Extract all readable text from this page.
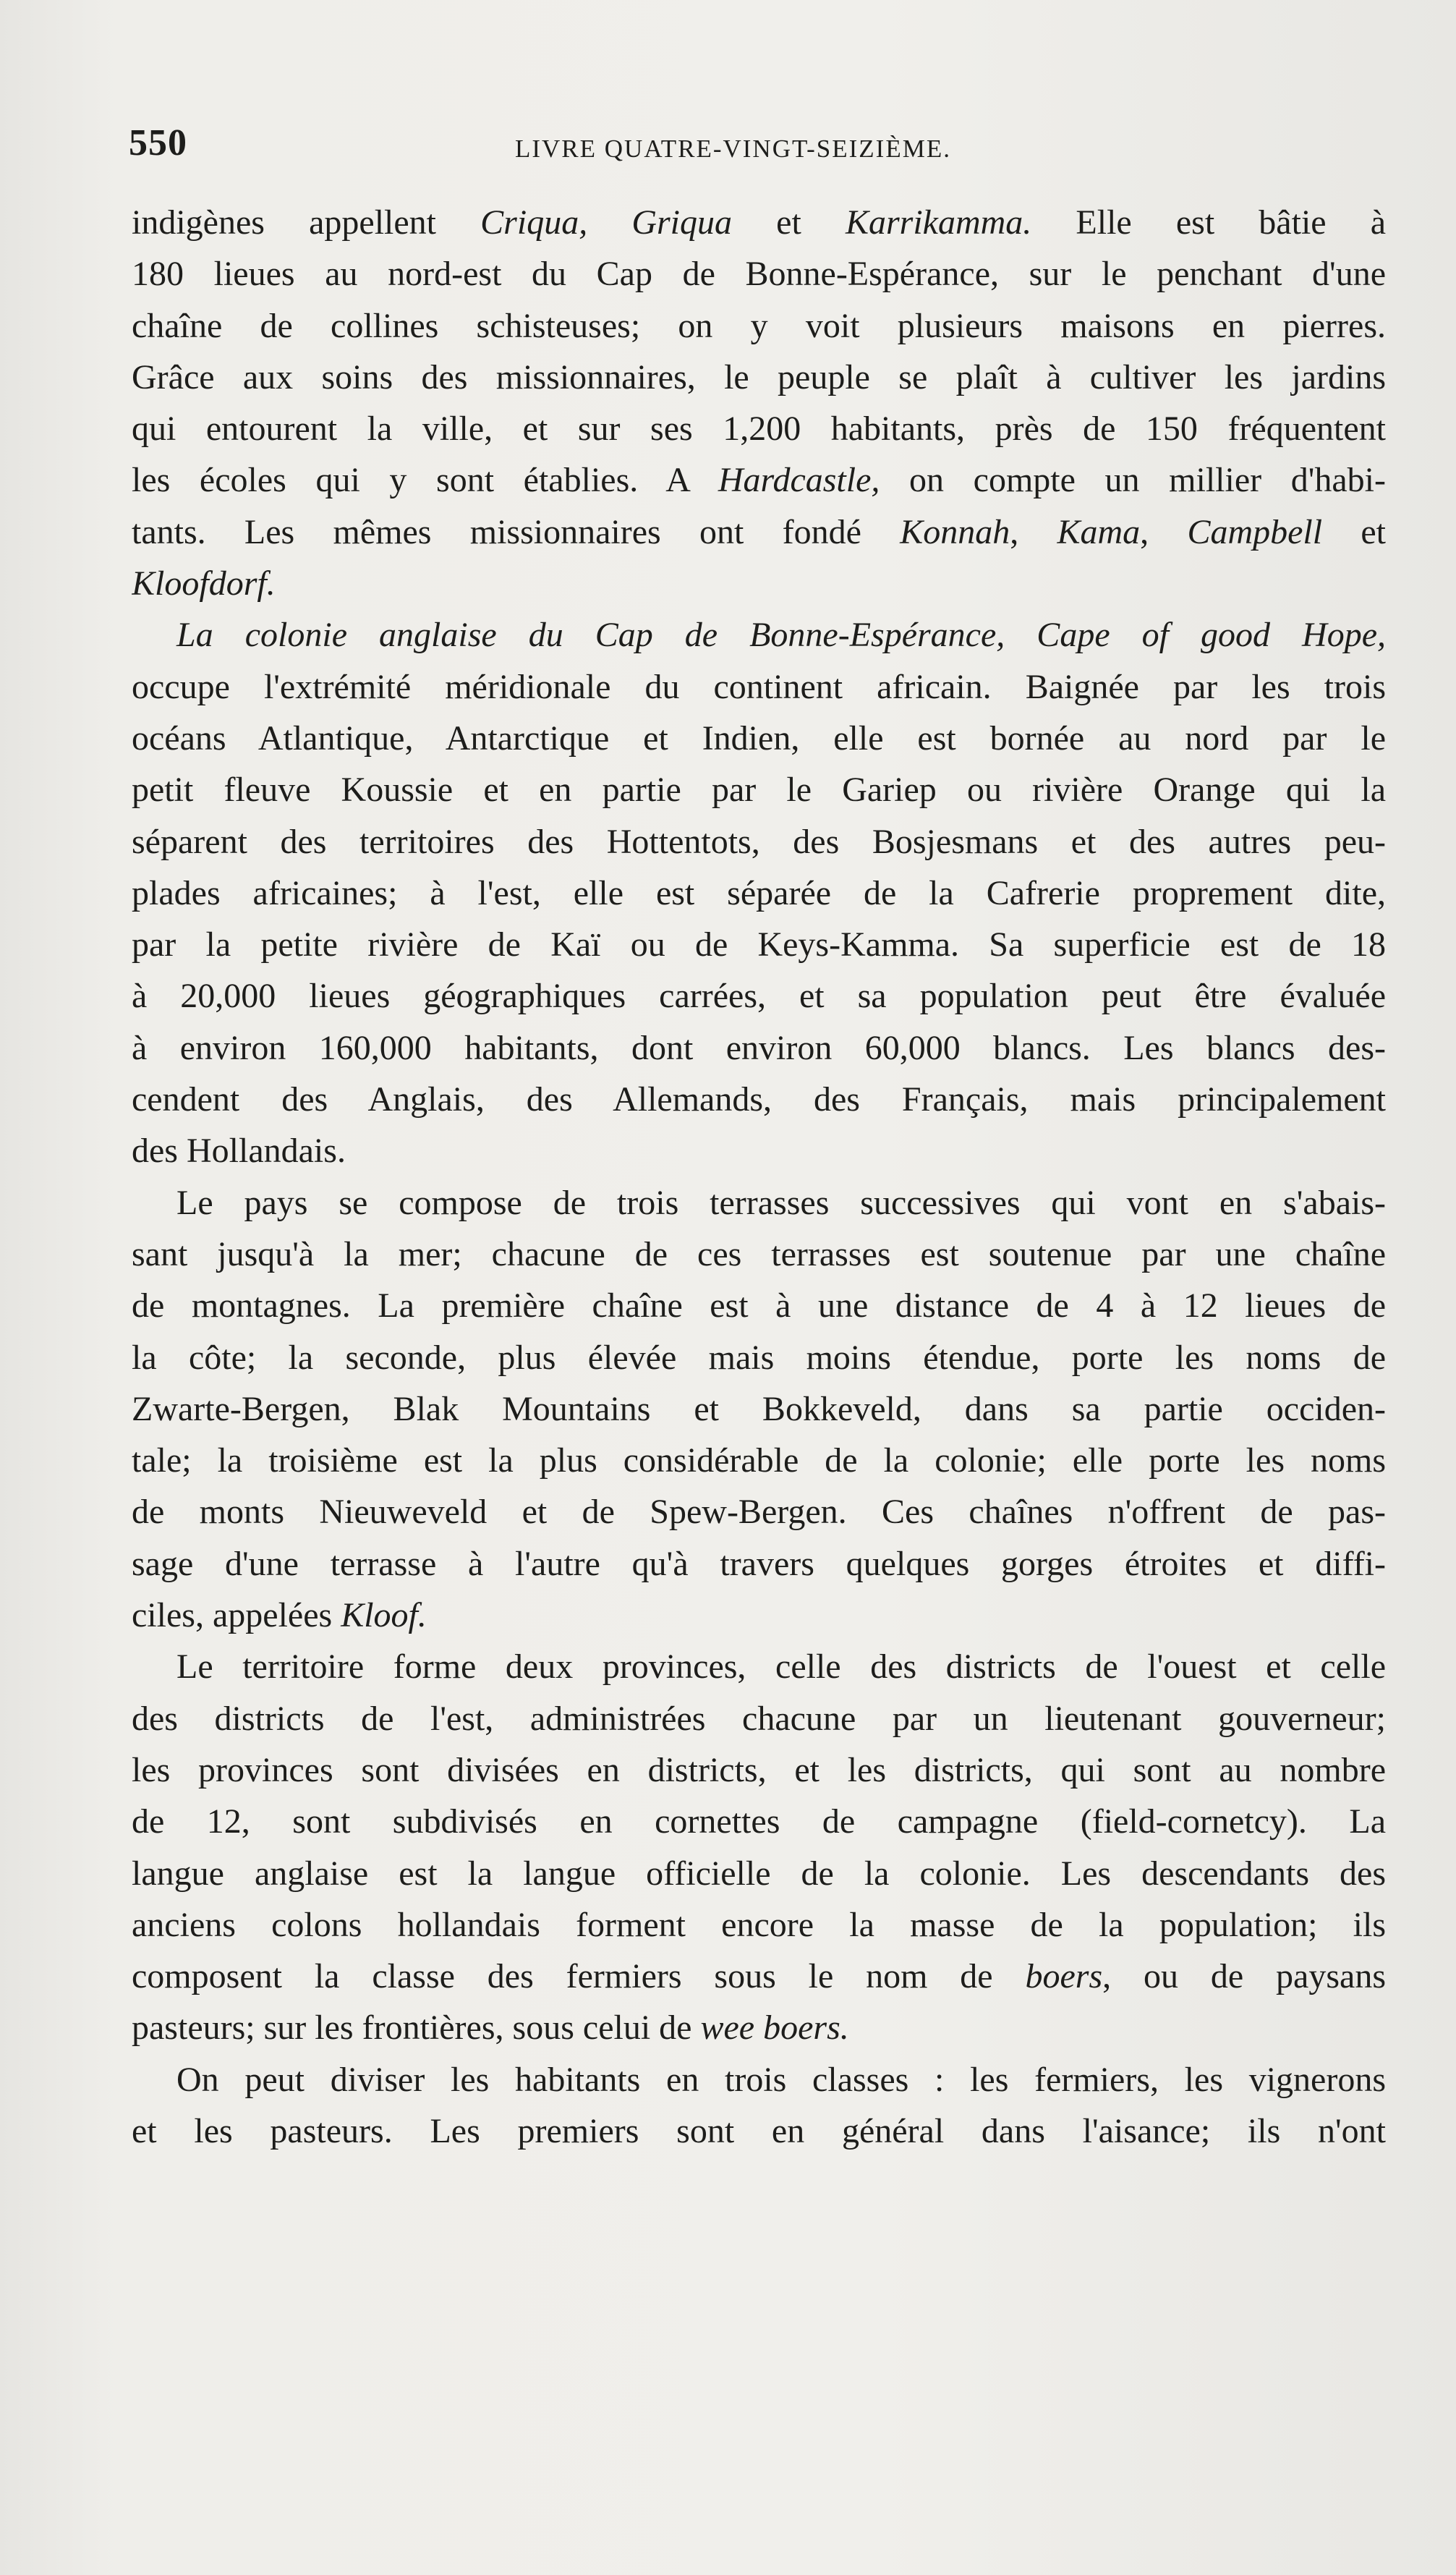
550	LIVRE QUATRE-VINGT-SEIZIÈME.
indigènes appellent Criqua, Griqua et Karrikamma. Elle est bâtie à
180 lieues au nord-est du Cap de Bonne-Espérance, sur le penchant d'une
chaîne de collines schisteuses; on y voit plusieurs maisons en pierres.
Grâce aux soins des missionnaires, le peuple se plaît à cultiver les jardins
qui entourent la ville, et sur ses 1,200 habitants, près de 150 fréquentent
les écoles qui y sont établies. A Hardcastle, on compte un millier d'habi-
tants. Les mêmes missionnaires ont fondé Konnah, Kama, Campbell et
Kloofdorf.
La colonie anglaise du Cap de Bonne-Espérance, Cape of good Hope,
occupe l'extrémité méridionale du continent africain. Baignée par les trois
océans Atlantique, Antarctique et Indien, elle est bornée au nord par le
petit fleuve Koussie et en partie par le Gariep ou rivière Orange qui la
séparent des territoires des Hottentots, des Bosjesmans et des autres peu-
plades africaines; à l'est, elle est séparée de la Cafrerie proprement dite,
par la petite rivière de Kaï ou de Keys-Kamma. Sa superficie est de 18
à 20,000 lieues géographiques carrées, et sa population peut être évaluée
à environ 160,000 habitants, dont environ 60,000 blancs. Les blancs des-
cendent des Anglais, des Allemands, des Français, mais principalement
des Hollandais.
Le pays se compose de trois terrasses successives qui vont en s'abais-
sant jusqu'à la mer; chacune de ces terrasses est soutenue par une chaîne
de montagnes. La première chaîne est à une distance de 4 à 12 lieues de
la côte; la seconde, plus élevée mais moins étendue, porte les noms de
Zwarte-Bergen, Blak Mountains et Bokkeveld, dans sa partie occiden-
tale; la troisième est la plus considérable de la colonie; elle porte les noms
de monts Nieuweveld et de Spew-Bergen. Ces chaînes n'offrent de pas-
sage d'une terrasse à l'autre qu'à travers quelques gorges étroites et diffi-
ciles, appelées Kloof.
Le territoire forme deux provinces, celle des districts de l'ouest et celle
des districts de l'est, administrées chacune par un lieutenant gouverneur;
les provinces sont divisées en districts, et les districts, qui sont au nombre
de 12, sont subdivisés en cornettes de campagne (field-cornetcy). La
langue anglaise est la langue officielle de la colonie. Les descendants des
anciens colons hollandais forment encore la masse de la population; ils
composent la classe des fermiers sous le nom de boers, ou de paysans
pasteurs; sur les frontières, sous celui de wee boers.
On peut diviser les habitants en trois classes : les fermiers, les vignerons
et les pasteurs. Les premiers sont en général dans l'aisance; ils n'ont
